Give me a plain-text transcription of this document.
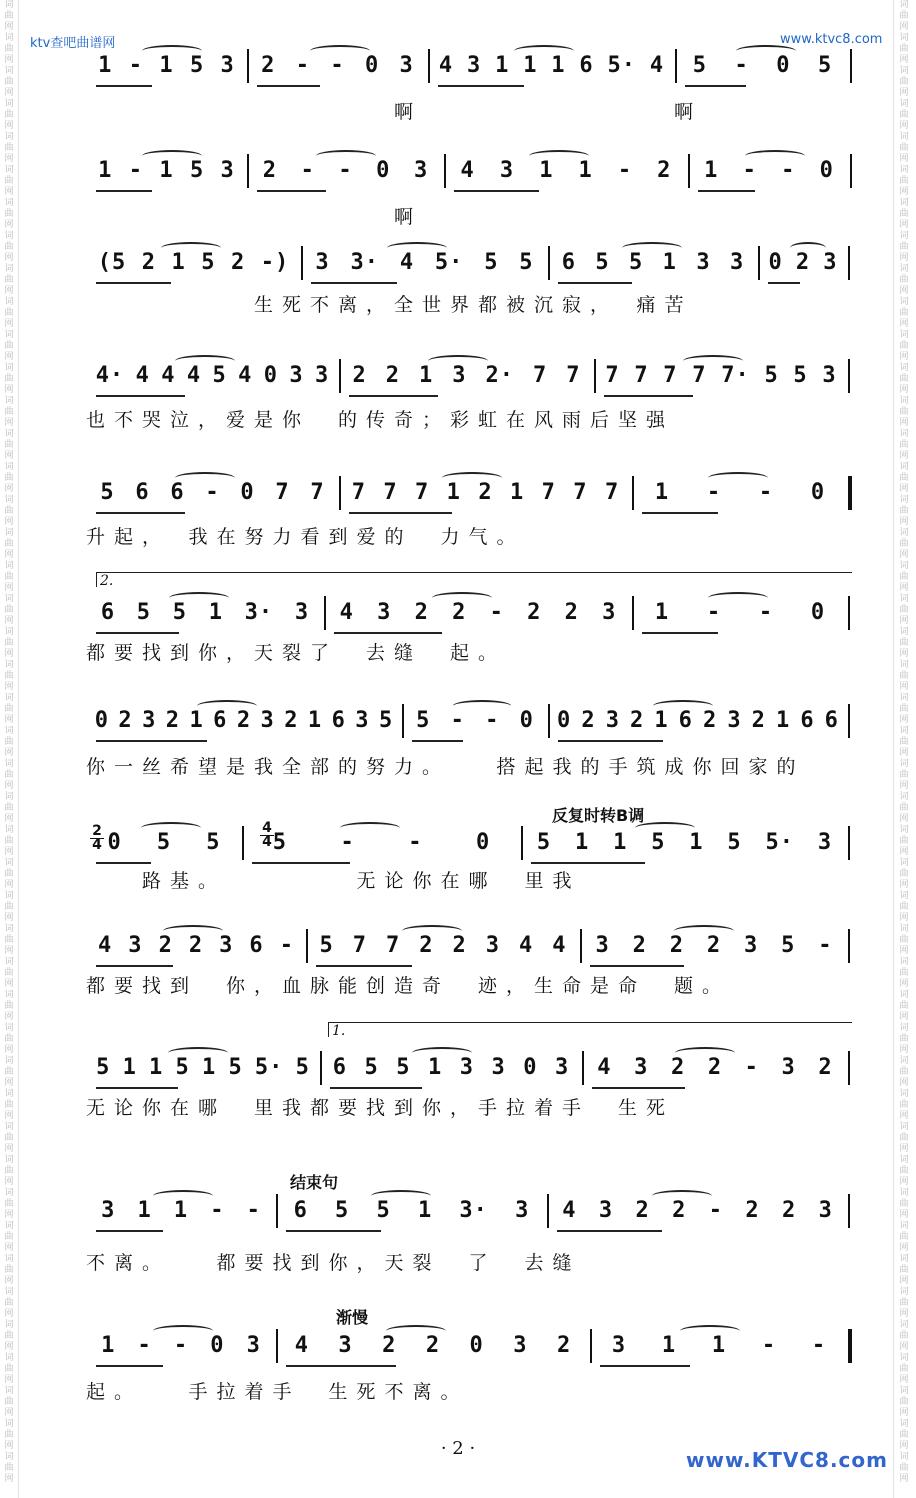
词曲网词曲网词曲网词曲网词曲网词曲网词曲网词曲网词曲网词曲网词曲网词曲网词曲网词曲网词曲网词曲网词曲网词曲网词曲网词曲网词曲网词曲网词曲网词曲网词曲网词曲网词曲网词曲网词曲网词曲网词曲网词曲网词曲网词曲网词曲网词曲网词曲网词曲网词曲网词曲网词曲网词曲网词曲网词曲网词曲网
词曲网词曲网词曲网词曲网词曲网词曲网词曲网词曲网词曲网词曲网词曲网词曲网词曲网词曲网词曲网词曲网词曲网词曲网词曲网词曲网词曲网词曲网词曲网词曲网词曲网词曲网词曲网词曲网词曲网词曲网词曲网词曲网词曲网词曲网词曲网词曲网词曲网词曲网词曲网词曲网词曲网词曲网词曲网词曲网词曲网
ktv查吧曲谱网	www.ktvc8.com
1 - 1 5 3 2 - - 0 3 4 3 1 1 1 6 5· 4 5 - 0 5
　　　　　　　　　　　啊　　　　　　　　　啊
1 - 1 5 3 2 - - 0 3 4 3 1 1 - 2 1 - - 0
　　　　　　　　　　　啊
(5 2 1 5 2 -) 3 3· 4 5· 5 5 6 5 5 1 3 3 0 2 3
　　　　　　生死不离，全世界都被沉寂，　痛苦
4· 4 4 4 5 4 0 3 3 2 2 1 3 2· 7 7 7 7 7 7 7· 5 5 3
也不哭泣，爱是你　的传奇；彩虹在风雨后坚强
5 6 6 - 0 7 7 7 7 7 1 2 1 7 7 7 1 - - 0
升起，　我在努力看到爱的　力气。
6 5 5 1 3· 3 4 3 2 2 - 2 2 3 1 - - 0
都要找到你，天裂了　去缝　起。
0 2 3 2 1 6 2 3 2 1 6 3 5 5 - - 0 0 2 3 2 1 6 2 3 2 1 6 6
你一丝希望是我全部的努力。　　搭起我的手筑成你回家的
0 5 5 5 - - 0 5 1 1 5 1 5 5· 3
　　路基。　　　　　无论你在哪　里我
4 3 2 2 3 6 - 5 7 7 2 2 3 4 4 3 2 2 2 3 5 -
都要找到　你，血脉能创造奇　迹，生命是命　题。
5 1 1 5 1 5 5· 5 6 5 5 1 3 3 0 3 4 3 2 2 - 3 2
无论你在哪　里我都要找到你，手拉着手　生死
3 1 1 - - 6 5 5 1 3· 3 4 3 2 2 - 2 2 3
不离。　　都要找到你，天裂　了　去缝
1 - - 0 3 4 3 2 2 0 3 2 3 1 1 - -
起。　　手拉着手　生死不离。
反复时转B调
结束句
渐慢
2.
1.
2
4
4
4
· 2 ·	www.KTVC8.com
